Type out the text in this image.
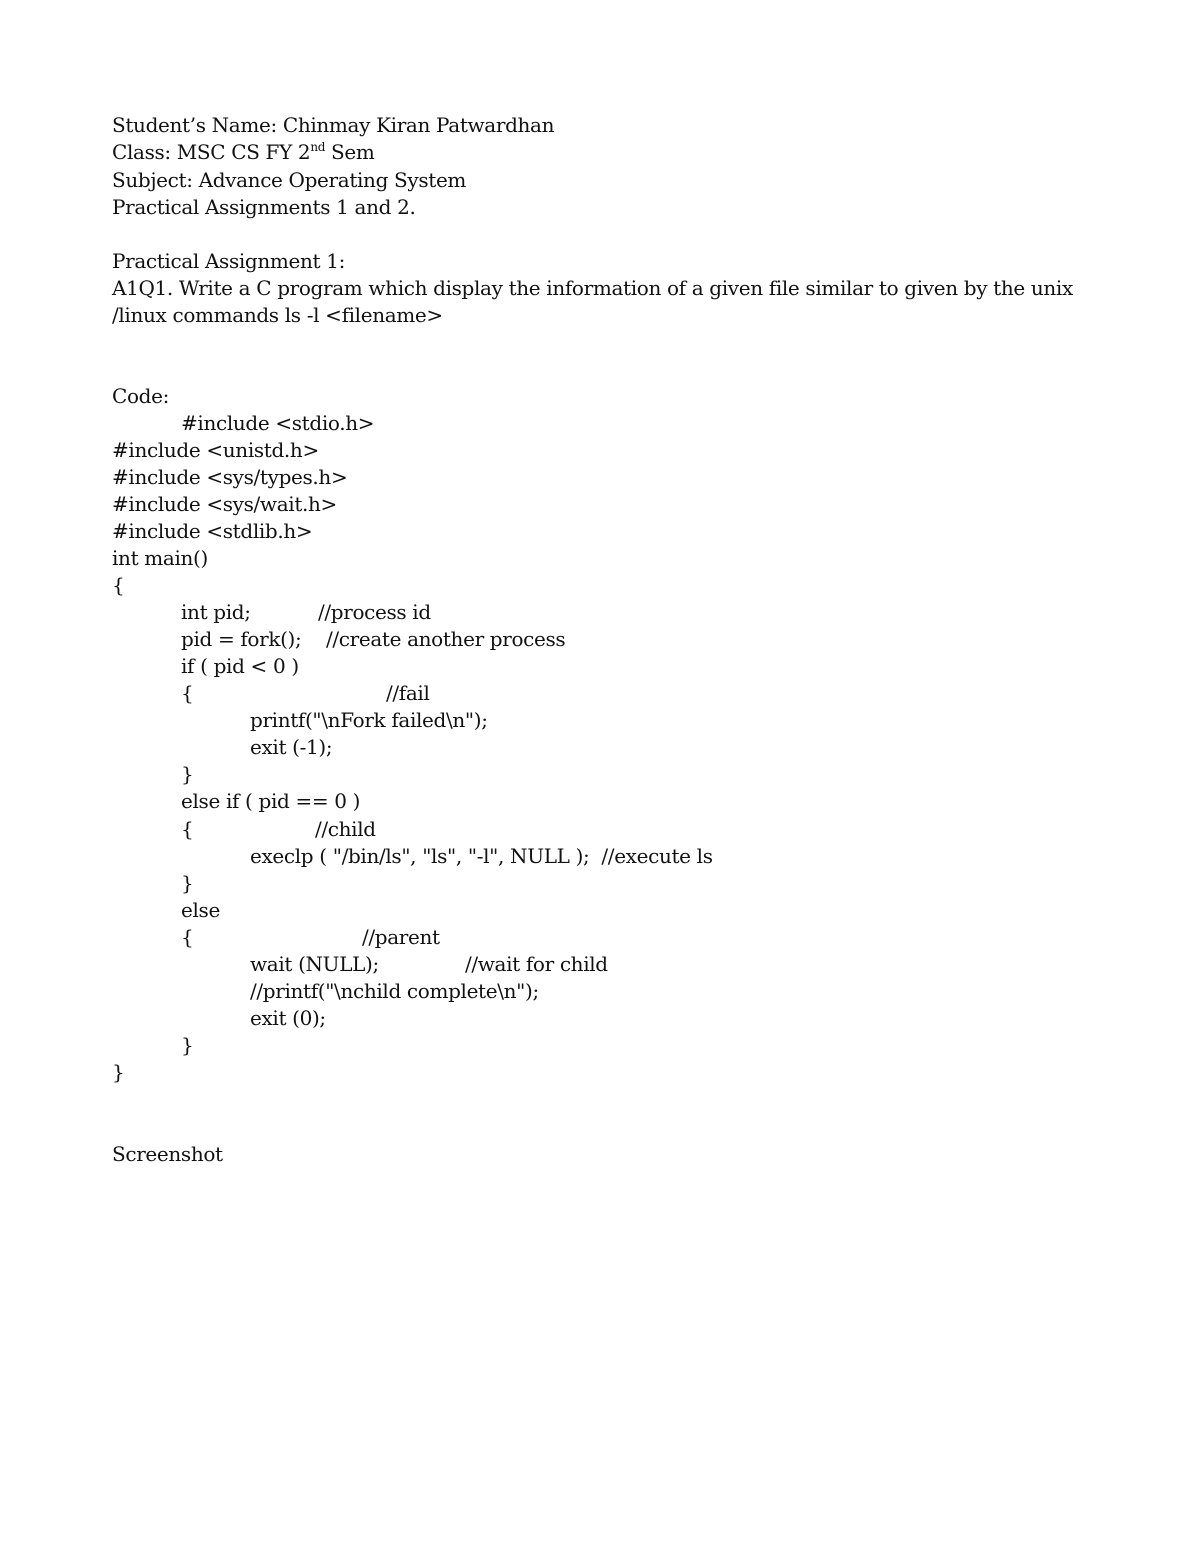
Student’s Name: Chinmay Kiran Patwardhan
Class: MSC CS FY 2nd Sem
Subject: Advance Operating System
Practical Assignments 1 and 2.
Practical Assignment 1:
A1Q1. Write a C program which display the information of a given file similar to given by the unix
/linux commands ls -l <filename>
Code:
#include <stdio.h>
#include <unistd.h>
#include <sys/types.h>
#include <sys/wait.h>
#include <stdlib.h>
int main()
{
int pid;	//process id
pid = fork(); //create another process
if ( pid < 0 )
{	//fail
printf("\nFork failed\n");
exit (-1);
}
else if ( pid == 0 )
{	//child
execlp ( "/bin/ls", "ls", "-l", NULL );  //execute ls
}
else
{	//parent
wait (NULL);	//wait for child
//printf("\nchild complete\n");
exit (0);
}
}
Screenshot
